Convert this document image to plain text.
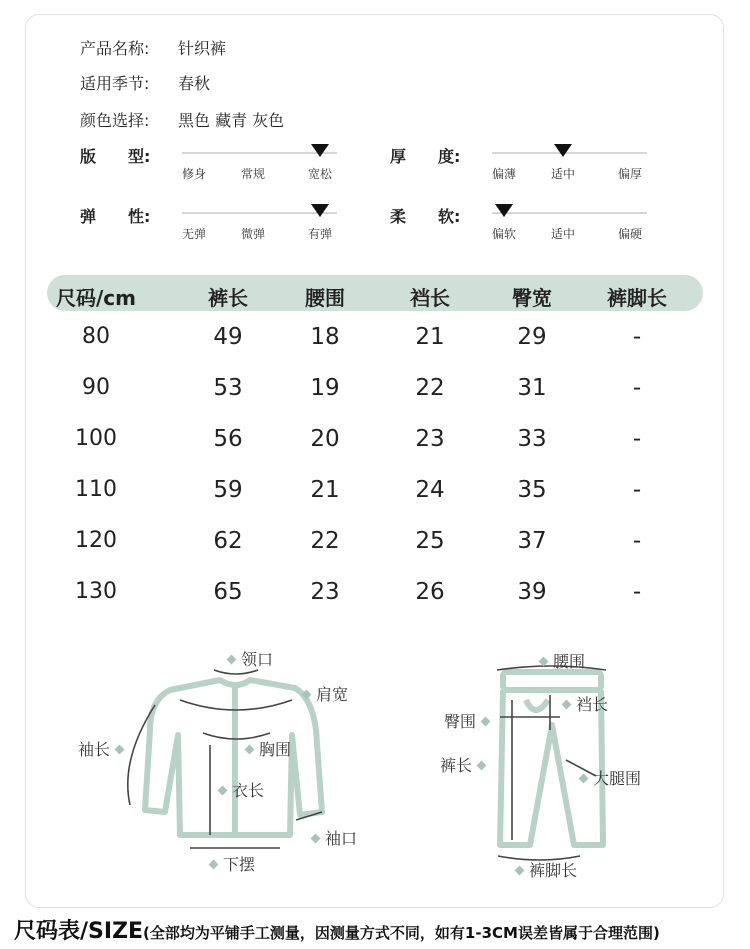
产品名称: 针织裤
适用季节: 春秋
颜色选择: 黑色 藏青 灰色
版　　型:
修身	常规	宽松
厚　　度:
偏薄	适中	偏厚
弹　　性:
无弹	微弹	有弹
柔　　软:
偏软	适中	偏硬
尺码/cm	裤长	腰围	裆长	臀宽	裤脚长
80	49	18	21	29	-
90	53	19	22	31	-
100	56	20	23	33	-
110	59	21	24	35	-
120	62	22	25	37	-
130	65	23	26	39	-
领口
肩宽
袖长	胸围
衣长
袖口
下摆
腰围
臀围
裆长
裤长
大腿围
裤脚长
尺码表/SIZE(全部均为平铺手工测量，因测量方式不同，如有1-3CM误差皆属于合理范围)
